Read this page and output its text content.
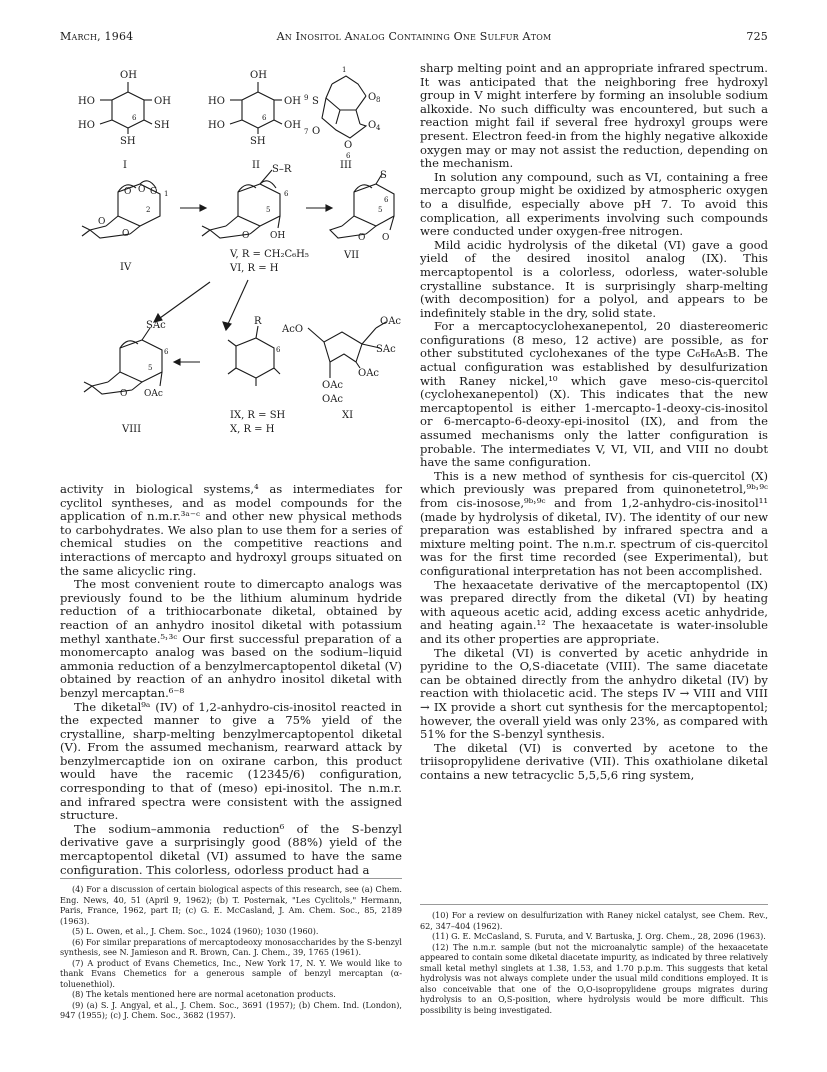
March, 1964	An Inositol Analog Containing One Sulfur Atom	725
OH
HO	OH
HO	SH
SH
6
I
OH
HO	OH
HO	OH
SH
6
II
1
S
9	O 8
O
7
O 4
O
6
III
O O O
O
O
1
2
IV
S–R
6
5
O OH
V, R = CH₂C₆H₅
VI, R = H
S
O O
6
5
VII
SAc
6
5
O OAc
VIII
R
6
IX, R = SH
X, R = H
AcO
OAc
SAc
OAc
OAc
OAc
XI

activity in biological systems,⁴ as intermediates for cyclitol syntheses, and as model compounds for the application of n.m.r.³ᵃ⁻ᶜ and other new physical methods to carbohydrates. We also plan to use them for a series of chemical studies on the competitive reactions and interactions of mercapto and hydroxyl groups situated on the same alicyclic ring.

The most convenient route to dimercapto analogs was previously found to be the lithium aluminum hydride reduction of a trithiocarbonate diketal, obtained by reaction of an anhydro inositol diketal with potassium methyl xanthate.⁵˒³ᶜ Our first successful preparation of a monomercapto analog was based on the sodium–liquid ammonia reduction of a benzylmercaptopentol diketal (V) obtained by reaction of an anhydro inositol diketal with benzyl mercaptan.⁶⁻⁸

The diketal⁹ᵃ (IV) of 1,2-anhydro-cis-inositol reacted in the expected manner to give a 75% yield of the crystalline, sharp-melting benzylmercaptopentol diketal (V). From the assumed mechanism, rearward attack by benzylmercaptide ion on oxirane carbon, this product would have the racemic (12345/6) configuration, corresponding to that of (meso) epi-inositol. The n.m.r. and infrared spectra were consistent with the assigned structure.

The sodium–ammonia reduction⁶ of the S-benzyl derivative gave a surprisingly good (88%) yield of the mercaptopentol diketal (VI) assumed to have the same configuration. This colorless, odorless product had a

sharp melting point and an appropriate infrared spectrum. It was anticipated that the neighboring free hydroxyl group in V might interfere by forming an insoluble sodium alkoxide. No such difficulty was encountered, but such a reaction might fail if several free hydroxyl groups were present. Electron feed-in from the highly negative alkoxide oxygen may or may not assist the reduction, depending on the mechanism.

In solution any compound, such as VI, containing a free mercapto group might be oxidized by atmospheric oxygen to a disulfide, especially above pH 7. To avoid this complication, all experiments involving such compounds were conducted under oxygen-free nitrogen.

Mild acidic hydrolysis of the diketal (VI) gave a good yield of the desired inositol analog (IX). This mercaptopentol is a colorless, odorless, water-soluble crystalline substance. It is surprisingly sharp-melting (with decomposition) for a polyol, and appears to be indefinitely stable in the dry, solid state.

For a mercaptocyclohexanepentol, 20 diastereomeric configurations (8 meso, 12 active) are possible, as for other substituted cyclohexanes of the type C₆H₆A₅B. The actual configuration was established by desulfurization with Raney nickel,¹⁰ which gave meso-cis-quercitol (cyclohexanepentol) (X). This indicates that the new mercaptopentol is either 1-mercapto-1-deoxy-cis-inositol or 6-mercapto-6-deoxy-epi-inositol (IX), and from the assumed mechanisms only the latter configuration is probable. The intermediates V, VI, VII, and VIII no doubt have the same configuration.

This is a new method of synthesis for cis-quercitol (X) which previously was prepared from quinonetetrol,⁹ᵇ˒⁹ᶜ from cis-inosose,⁹ᵇ˒⁹ᶜ and from 1,2-anhydro-cis-inositol¹¹ (made by hydrolysis of diketal, IV). The identity of our new preparation was established by infrared spectra and a mixture melting point. The n.m.r. spectrum of cis-quercitol was for the first time recorded (see Experimental), but configurational interpretation has not been accomplished.

The hexaacetate derivative of the mercaptopentol (IX) was prepared directly from the diketal (VI) by heating with aqueous acetic acid, adding excess acetic anhydride, and heating again.¹² The hexaacetate is water-insoluble and its other properties are appropriate.

The diketal (VI) is converted by acetic anhydride in pyridine to the O,S-diacetate (VIII). The same diacetate can be obtained directly from the anhydro diketal (IV) by reaction with thiolacetic acid. The steps IV → VIII and VIII → IX provide a short cut synthesis for the mercaptopentol; however, the overall yield was only 23%, as compared with 51% for the S-benzyl synthesis.

The diketal (VI) is converted by acetone to the triisopropylidene derivative (VII). This oxathiolane diketal contains a new tetracyclic 5,5,5,6 ring system,

(4) For a discussion of certain biological aspects of this research, see (a) Chem. Eng. News, 40, 51 (April 9, 1962); (b) T. Posternak, "Les Cyclitols," Hermann, Paris, France, 1962, part II; (c) G. E. McCasland, J. Am. Chem. Soc., 85, 2189 (1963).

(5) L. Owen, et al., J. Chem. Soc., 1024 (1960); 1030 (1960).

(6) For similar preparations of mercaptodeoxy monosaccharides by the S-benzyl synthesis, see N. Jamieson and R. Brown, Can. J. Chem., 39, 1765 (1961).

(7) A product of Evans Chemetics, Inc., New York 17, N. Y. We would like to thank Evans Chemetics for a generous sample of benzyl mercaptan (α-toluenethiol).

(8) The ketals mentioned here are normal acetonation products.

(9) (a) S. J. Angyal, et al., J. Chem. Soc., 3691 (1957); (b) Chem. Ind. (London), 947 (1955); (c) J. Chem. Soc., 3682 (1957).

(10) For a review on desulfurization with Raney nickel catalyst, see Chem. Rev., 62, 347–404 (1962).

(11) G. E. McCasland, S. Furuta, and V. Bartuska, J. Org. Chem., 28, 2096 (1963).

(12) The n.m.r. sample (but not the microanalytic sample) of the hexaacetate appeared to contain some diketal diacetate impurity, as indicated by three relatively small ketal methyl singlets at 1.38, 1.53, and 1.70 p.p.m. This suggests that ketal hydrolysis was not always complete under the usual mild conditions employed. It is also conceivable that one of the O,O-isopropylidene groups migrates during hydrolysis to an O,S-position, where hydrolysis would be more difficult. This possibility is being investigated.
